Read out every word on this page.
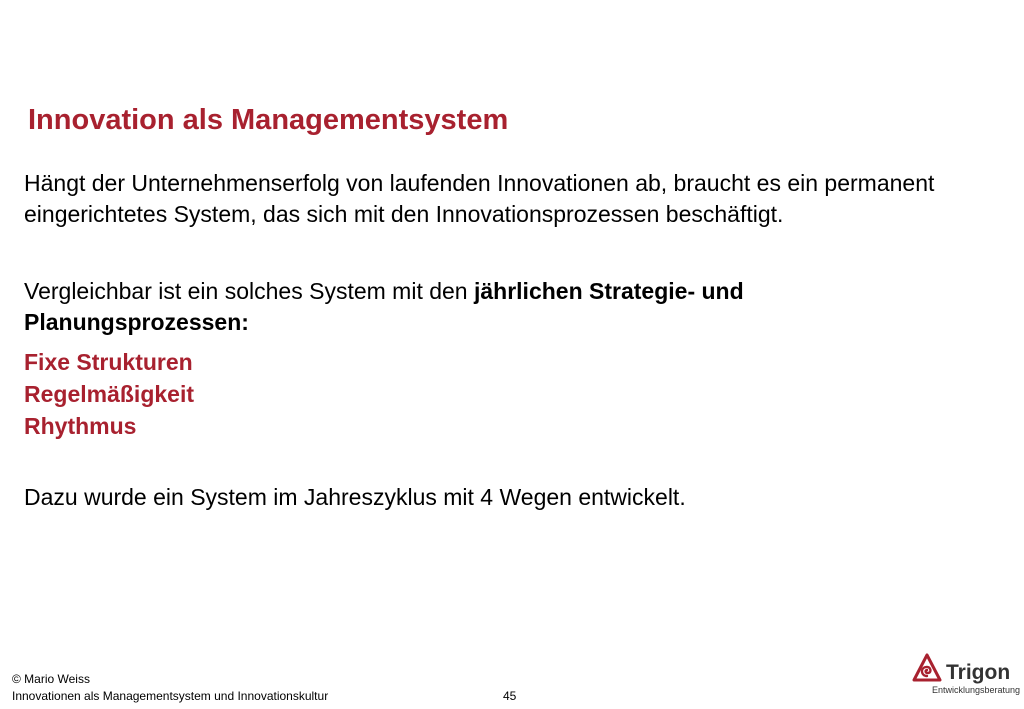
Innovation als Managementsystem

Hängt der Unternehmenserfolg von laufenden Innovationen ab, braucht es ein permanent eingerichtetes System, das sich mit den Innovationsprozessen beschäftigt.

Vergleichbar ist ein solches System mit den jährlichen Strategie- und Planungsprozessen:

Fixe Strukturen
Regelmäßigkeit
Rhythmus

Dazu wurde ein System im Jahreszyklus mit 4 Wegen entwickelt.

© Mario Weiss
Innovationen als Managementsystem und Innovationskultur	45
Trigon
Entwicklungsberatung
